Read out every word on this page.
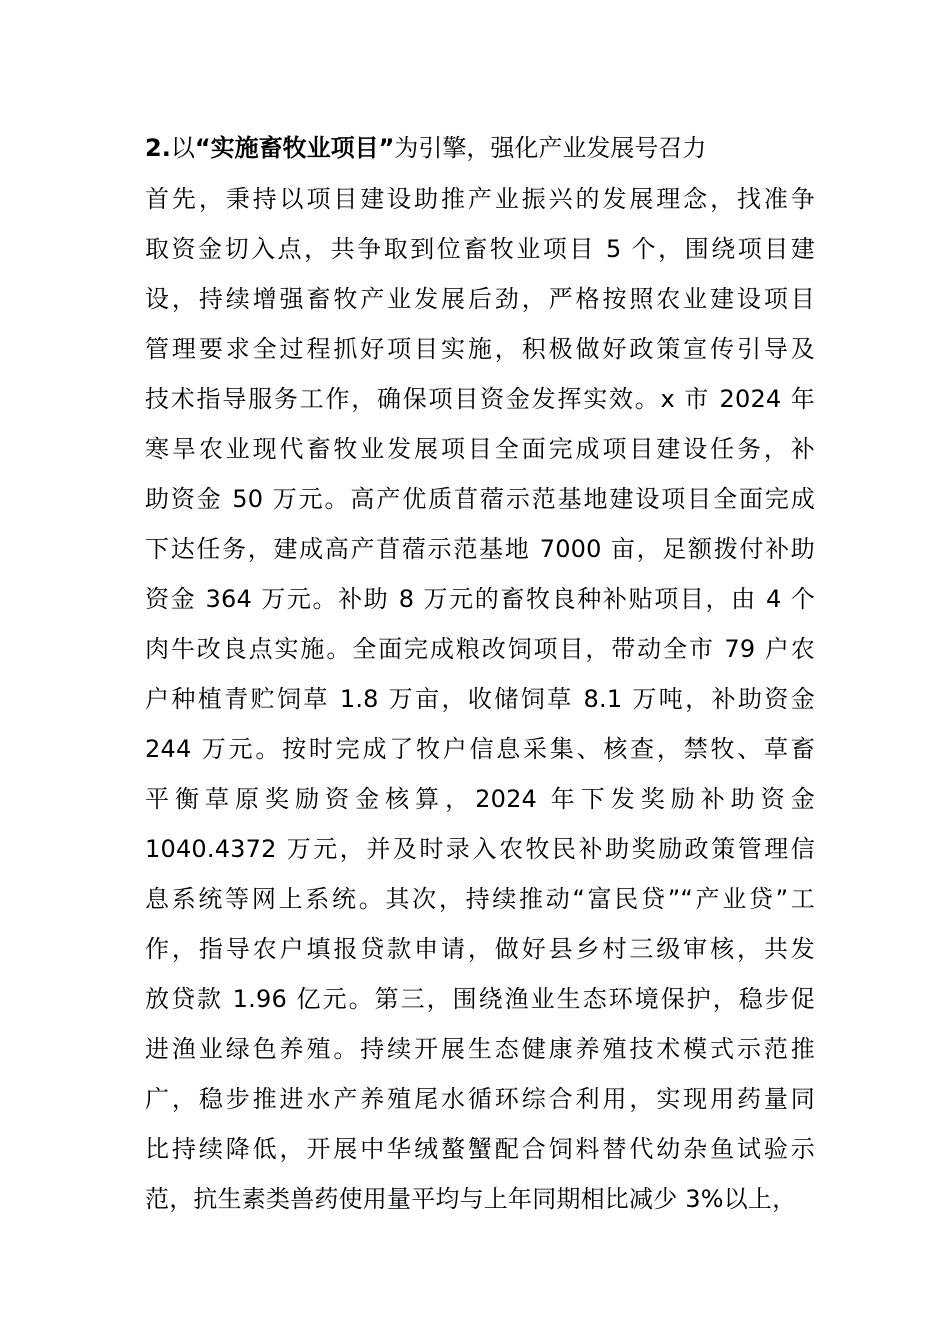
2.以“实施畜牧业项目”为引擎，强化产业发展号召力
首先，秉持以项目建设助推产业振兴的发展理念，找准争
取资金切入点，共争取到位畜牧业项目 5 个，围绕项目建
设，持续增强畜牧产业发展后劲，严格按照农业建设项目
管理要求全过程抓好项目实施，积极做好政策宣传引导及
技术指导服务工作，确保项目资金发挥实效。x 市 2024 年
寒旱农业现代畜牧业发展项目全面完成项目建设任务，补
助资金 50 万元。高产优质苜蓿示范基地建设项目全面完成
下达任务，建成高产苜蓿示范基地 7000 亩，足额拨付补助
资金 364 万元。补助 8 万元的畜牧良种补贴项目，由 4 个
肉牛改良点实施。全面完成粮改饲项目，带动全市 79 户农
户种植青贮饲草 1.8 万亩，收储饲草 8.1 万吨，补助资金
244 万元。按时完成了牧户信息采集、核查，禁牧、草畜
平衡草原奖励资金核算，2024 年下发奖励补助资金
1040.4372 万元，并及时录入农牧民补助奖励政策管理信
息系统等网上系统。其次，持续推动“富民贷”“产业贷”工
作，指导农户填报贷款申请，做好县乡村三级审核，共发
放贷款 1.96 亿元。第三，围绕渔业生态环境保护，稳步促
进渔业绿色养殖。持续开展生态健康养殖技术模式示范推
广，稳步推进水产养殖尾水循环综合利用，实现用药量同
比持续降低，开展中华绒螯蟹配合饲料替代幼杂鱼试验示
范，抗生素类兽药使用量平均与上年同期相比减少 3%以上，
